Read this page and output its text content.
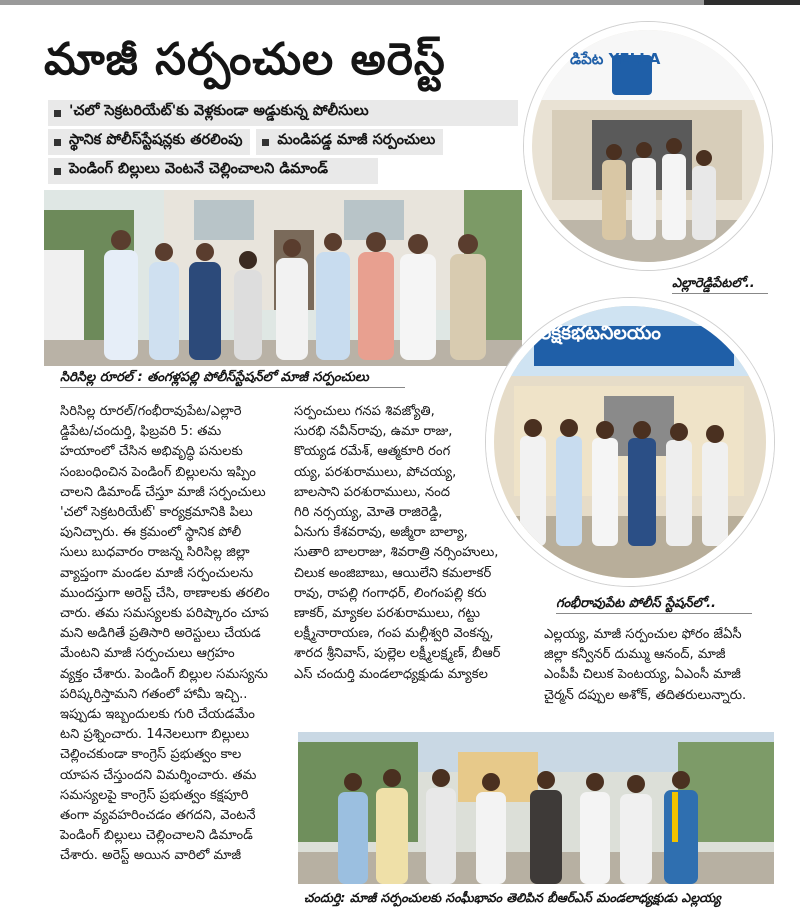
మాజీ సర్పంచుల అరెస్ట్
'చలో సెక్రటరియేట్'కు వెళ్లకుండా అడ్డుకున్న పోలీసులు
స్థానిక పోలీస్‌స్టేషన్లకు తరలింపు మండిపడ్డ మాజీ సర్పంచులు
పెండింగ్ బిల్లులు వెంటనే చెల్లించాలని డిమాండ్
సిరిసిల్ల రూరల్ : తంగళ్లపల్లి పోలీస్‌స్టేషన్‌లో మాజీ సర్పంచులు
డిపేట YELLA
ఎల్లారెడ్డిపేటలో..
రక్షకభటనిలయం
గంభీరావుపేట పోలీస్ స్టేషన్‌లో..

సిరిసిల్ల రూరల్/గంభీరావుపేట/ఎల్లారె

డ్డిపేట/చందుర్తి, ఫిబ్రవరి 5: తమ

హయాంలో చేసిన అభివృద్ధి పనులకు

సంబంధించిన పెండింగ్ బిల్లులను ఇప్పిం

చాలని డిమాండ్ చేస్తూ మాజీ సర్పంచులు

'చలో సెక్రటరియేట్' కార్యక్రమానికి పిలు

పునిచ్చారు. ఈ క్రమంలో స్థానిక పోలీ

సులు బుధవారం రాజన్న సిరిసిల్ల జిల్లా

వ్యాప్తంగా మండల మాజీ సర్పంచులను

ముందస్తుగా అరెస్ట్ చేసి, ఠాణాలకు తరలిం

చారు. తమ సమస్యలకు పరిష్కారం చూప

మని అడిగితే ప్రతిసారి అరెస్టులు చేయడ

మేంటని మాజీ సర్పంచులు ఆగ్రహం

వ్యక్తం చేశారు. పెండింగ్ బిల్లుల సమస్యను

పరిష్కరిస్తామని గతంలో హామీ ఇచ్చి..

ఇప్పుడు ఇబ్బందులకు గురి చేయడమేం

టని ప్రశ్నించారు. 14నెలలుగా బిల్లులు

చెల్లించకుండా కాంగ్రెస్ ప్రభుత్వం కాల

యాపన చేస్తుందని విమర్శించారు. తమ

సమస్యలపై కాంగ్రెస్ ప్రభుత్వం కక్షపూరి

తంగా వ్యవహరించడం తగదని, వెంటనే

పెండింగ్ బిల్లులు చెల్లించాలని డిమాండ్

చేశారు. అరెస్ట్ అయిన వారిలో మాజీ

సర్పంచులు గనప శివజ్యోతి,

సురభి నవీన్‌రావు, ఉమా రాజు,

కొయ్యడ రమేశ్, ఆత్మకూరి రంగ

య్య, పరశురాములు, పోచయ్య,

బాలసాని పరశురాములు, నంద

గిరి నర్సయ్య, మోతె రాజిరెడ్డి,

ఏనుగు కేశవరావు, అజ్మీరా బాల్యా,

సుతారి బాలరాజు, శివరాత్రి నర్సింహులు,

చిలుక అంజిబాబు, ఆయిలేని కమలాకర్

రావు, రాపల్లి గంగాధర్, లింగంపల్లి కరు

ణాకర్, మ్యాకల పరశురాములు, గట్టు

లక్ష్మీనారాయణ, గంప మల్లీశ్వరి వెంకన్న,

శారద శ్రీనివాస్, పుల్లెల లక్ష్మీలక్ష్మణ్, బీఆర్

ఎస్ చందుర్తి మండలాధ్యక్షుడు మ్యాకల

ఎల్లయ్య, మాజీ సర్పంచుల ఫోరం జేఏసీ

జిల్లా కన్వీనర్ దుమ్ము ఆనంద్, మాజీ

ఎంపీపీ చిలుక పెంటయ్య, ఏఎంసీ మాజీ

చైర్మన్ దప్పుల అశోక్, తదితరులున్నారు.

చందుర్తి: మాజీ సర్పంచులకు సంఘీభావం తెలిపిన బీఆర్ఎస్ మండలాధ్యక్షుడు ఎల్లయ్య
